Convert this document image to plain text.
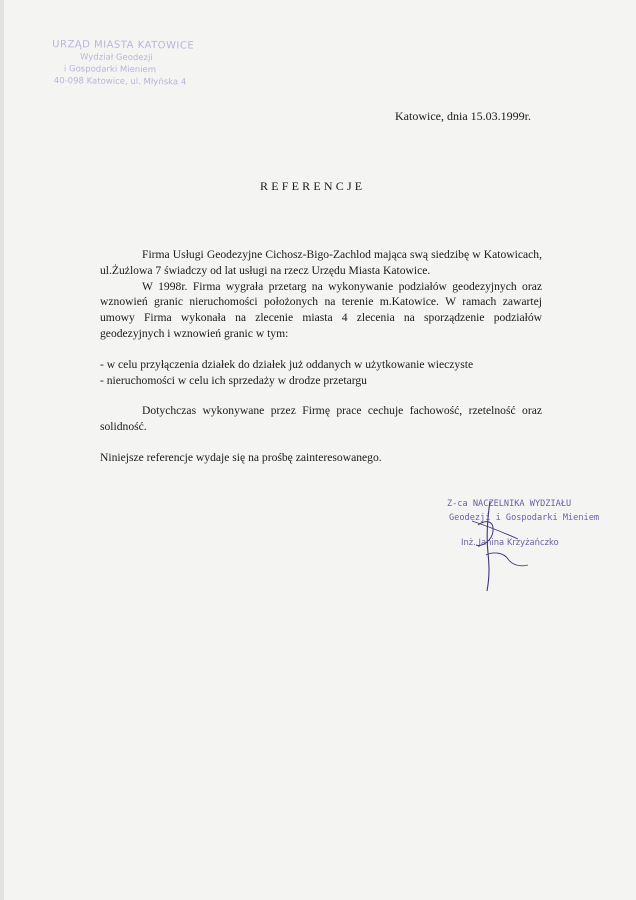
URZĄD MIASTA KATOWICE
Wydział Geodezji
i Gospodarki Mieniem
40-098 Katowice, ul. Młyńska 4
Katowice, dnia 15.03.1999r.
REFERENCJE

Firma Usługi Geodezyjne Cichosz-Bigo-Zachlod mająca swą siedzibę w Katowicach, ul.Żużlowa 7 świadczy od lat usługi na rzecz Urzędu Miasta Katowice.

W 1998r. Firma wygrała przetarg na wykonywanie podziałów geodezyjnych oraz wznowień granic nieruchomości położonych na terenie m.Katowice. W ramach zawartej umowy Firma wykonała na zlecenie miasta 4 zlecenia na sporządzenie podziałów geodezyjnych i wznowień granic w tym:

- w celu przyłączenia działek do działek już oddanych w użytkowanie wieczyste

- nieruchomości w celu ich sprzedaży w drodze przetargu

Dotychczas wykonywane przez Firmę prace cechuje fachowość, rzetelność oraz solidność.

Niniejsze referencje wydaje się na prośbę zainteresowanego.

Z-ca NACZELNIKA WYDZIAŁU
Geodezji i Gospodarki Mieniem
Inż. Janina Krzyżańczko
